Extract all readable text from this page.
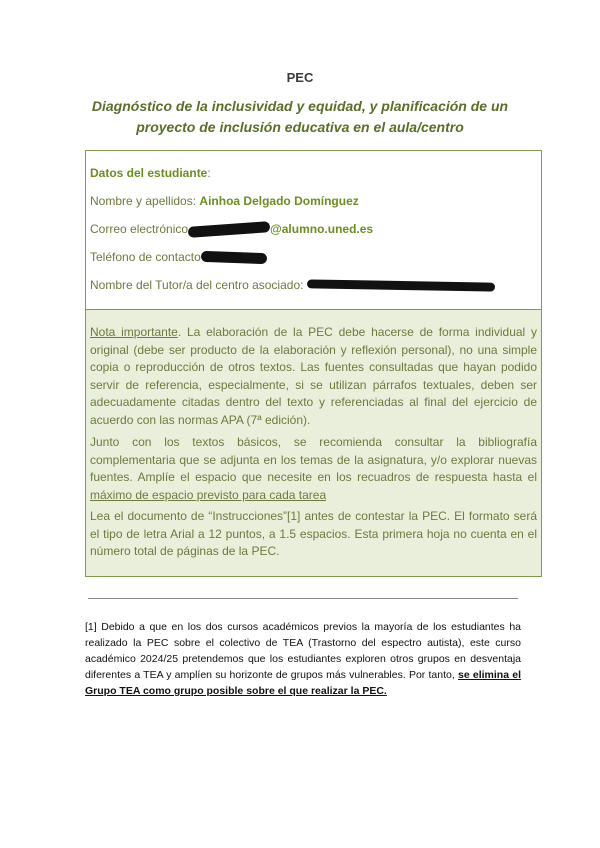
PEC
Diagnóstico de la inclusividad y equidad, y planificación de un proyecto de inclusión educativa en el aula/centro
Datos del estudiante:
Nombre y apellidos: Ainhoa Delgado Domínguez
Correo electrónico	@alumno.uned.es
Teléfono de contacto
Nombre del Tutor/a del centro asociado:
Nota importante. La elaboración de la PEC debe hacerse de forma individual y original (debe ser producto de la elaboración y reflexión personal), no una simple copia o reproducción de otros textos. Las fuentes consultadas que hayan podido servir de referencia, especialmente, si se utilizan párrafos textuales, deben ser adecuadamente citadas dentro del texto y referenciadas al final del ejercicio de acuerdo con las normas APA (7ª edición).
Junto con los textos básicos, se recomienda consultar la bibliografía complementaria que se adjunta en los temas de la asignatura, y/o explorar nuevas fuentes. Amplíe el espacio que necesite en los recuadros de respuesta hasta el máximo de espacio previsto para cada tarea
Lea el documento de “Instrucciones”[1] antes de contestar la PEC. El formato será el tipo de letra Arial a 12 puntos, a 1.5 espacios. Esta primera hoja no cuenta en el número total de páginas de la PEC.
[1] Debido a que en los dos cursos académicos previos la mayoría de los estudiantes ha realizado la PEC sobre el colectivo de TEA (Trastorno del espectro autista), este curso académico 2024/25 pretendemos que los estudiantes exploren otros grupos en desventaja diferentes a TEA y amplíen su horizonte de grupos más vulnerables. Por tanto, se elimina el Grupo TEA como grupo posible sobre el que realizar la PEC.
